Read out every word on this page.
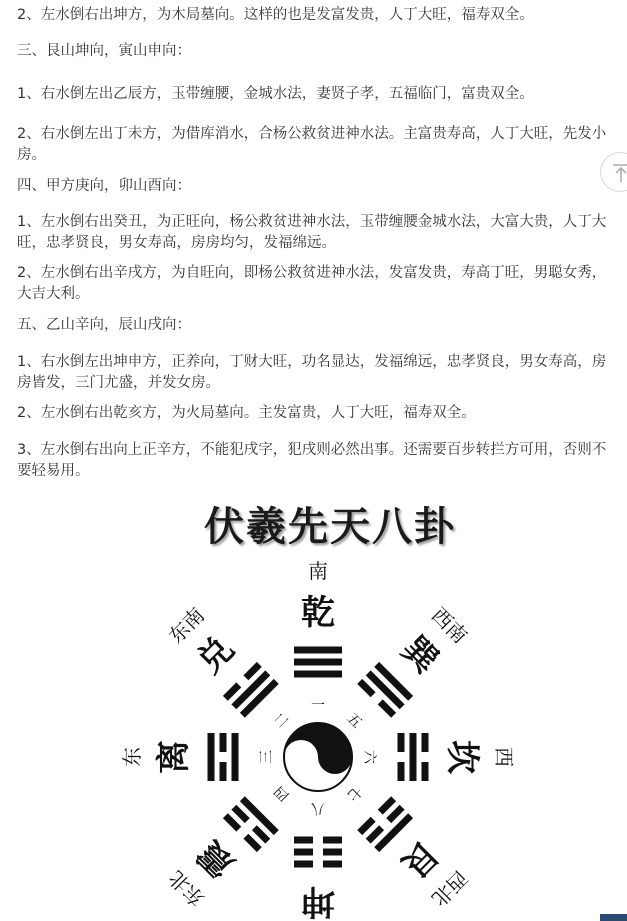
2、左水倒右出坤方，为木局墓向。这样的也是发富发贵，人丁大旺，福寿双全。

三、艮山坤向，寅山申向：

1、右水倒左出乙辰方，玉带缠腰，金城水法，妻贤子孝，五福临门，富贵双全。

2、右水倒左出丁未方，为借库消水，合杨公救贫进神水法。主富贵寿高，人丁大旺，先发小房。

四、甲方庚向，卯山酉向：

1、左水倒右出癸丑，为正旺向，杨公救贫进神水法，玉带缠腰金城水法，大富大贵，人丁大旺，忠孝贤良，男女寿高，房房均匀，发福绵远。

2、左水倒右出辛戌方，为自旺向，即杨公救贫进神水法，发富发贵，寿高丁旺，男聪女秀，大吉大利。

五、乙山辛向，辰山戌向：

1、右水倒左出坤申方，正养向，丁财大旺，功名显达，发福绵远，忠孝贤良，男女寿高，房房皆发，三门尤盛，并发女房。

2、左水倒右出乾亥方，为火局墓向。主发富贵，人丁大旺，福寿双全。

3、左水倒右出向上正辛方，不能犯戌字，犯戌则必然出事。还需要百步转拦方可用，否则不要轻易用。

伏羲先天八卦
一
乾
南
二
兑
东南
三
离
东
四
震
东北
五
巽
西南
六 坎 西
七
艮
西北
八
坤
